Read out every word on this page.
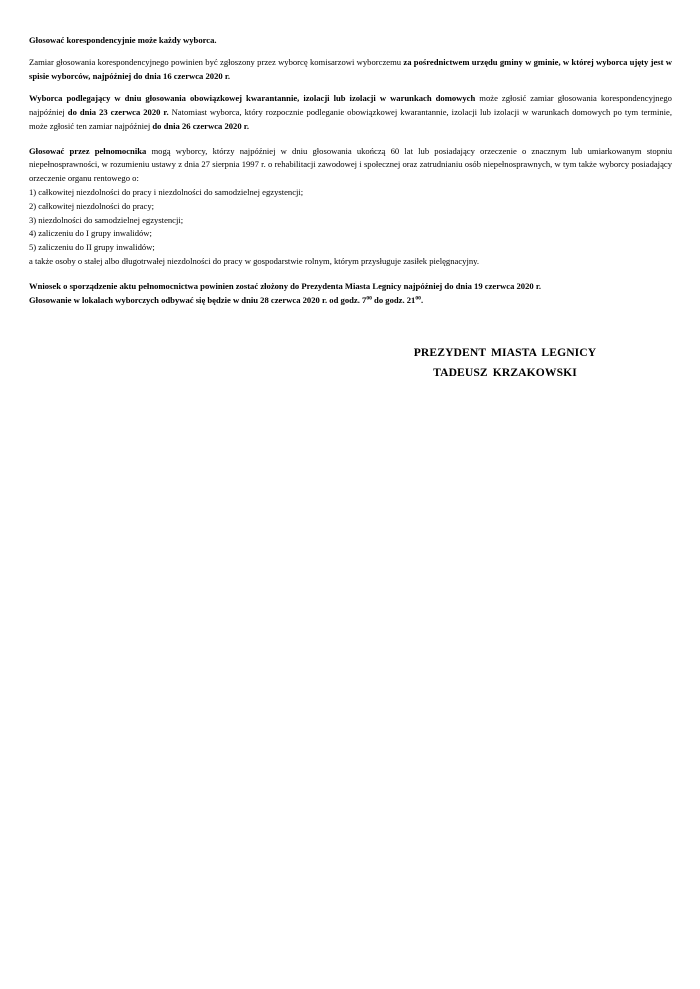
Głosować korespondencyjnie może każdy wyborca.

Zamiar głosowania korespondencyjnego powinien być zgłoszony przez wyborcę komisarzowi wyborczemu za pośrednictwem urzędu gminy w gminie, w której wyborca ujęty jest w spisie wyborców, najpóźniej do dnia 16 czerwca 2020 r.

Wyborca podlegający w dniu głosowania obowiązkowej kwarantannie, izolacji lub izolacji w warunkach domowych może zgłosić zamiar głosowania korespondencyjnego najpóźniej do dnia 23 czerwca 2020 r. Natomiast wyborca, który rozpocznie podleganie obowiązkowej kwarantannie, izolacji lub izolacji w warunkach domowych po tym terminie, może zgłosić ten zamiar najpóźniej do dnia 26 czerwca 2020 r.

Głosować przez pełnomocnika mogą wyborcy, którzy najpóźniej w dniu głosowania ukończą 60 lat lub posiadający orzeczenie o znacznym lub umiarkowanym stopniu niepełnosprawności, w rozumieniu ustawy z dnia 27 sierpnia 1997 r. o rehabilitacji zawodowej i społecznej oraz zatrudnianiu osób niepełnosprawnych, w tym także wyborcy posiadający orzeczenie organu rentowego o:

1) całkowitej niezdolności do pracy i niezdolności do samodzielnej egzystencji;

2) całkowitej niezdolności do pracy;

3) niezdolności do samodzielnej egzystencji;

4) zaliczeniu do I grupy inwalidów;

5) zaliczeniu do II grupy inwalidów;

a także osoby o stałej albo długotrwałej niezdolności do pracy w gospodarstwie rolnym, którym przysługuje zasiłek pielęgnacyjny.

Wniosek o sporządzenie aktu pełnomocnictwa powinien zostać złożony do Prezydenta Miasta Legnicy najpóźniej do dnia 19 czerwca 2020 r.

Głosowanie w lokalach wyborczych odbywać się będzie w dniu 28 czerwca 2020 r. od godz. $7^{00}$ do godz. $21^{00}$.

PREZYDENT MIASTA LEGNICY
TADEUSZ KRZAKOWSKI
